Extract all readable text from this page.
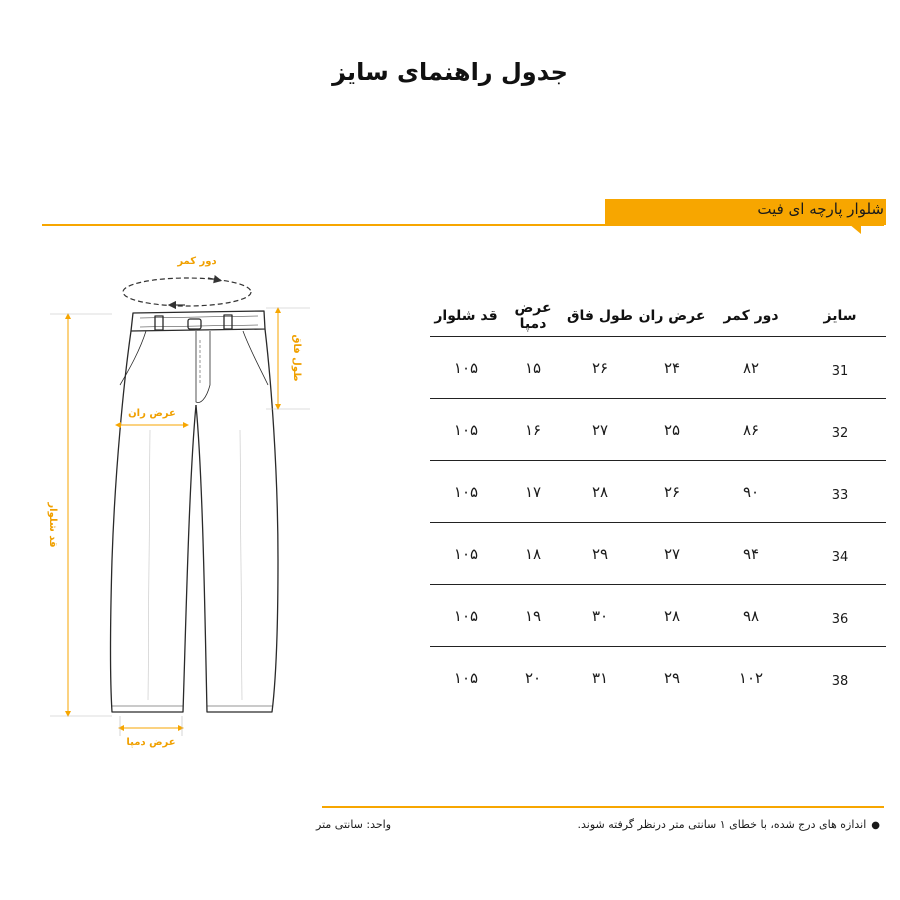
جدول راهنمای سایز
شلوار پارچه ای فیت
دور کمر
طول فاق
عرض ران
قد شلوار
عرض دمپا
سایز	دور کمر	عرض ران	طول فاق	عرض دمپا	قد شلوار
31	۸۲	۲۴	۲۶	۱۵	۱۰۵
32	۸۶	۲۵	۲۷	۱۶	۱۰۵
33	۹۰	۲۶	۲۸	۱۷	۱۰۵
34	۹۴	۲۷	۲۹	۱۸	۱۰۵
36	۹۸	۲۸	۳۰	۱۹	۱۰۵
38	۱۰۲	۲۹	۳۱	۲۰	۱۰۵
●اندازه های درج شده، با خطای ۱ سانتی متر درنظر گرفته شوند.
واحد: سانتی متر
